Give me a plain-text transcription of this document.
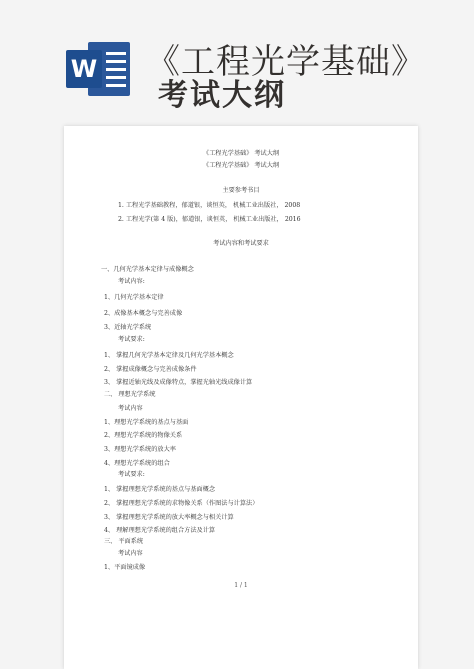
W 《工程光学基础》
考试大纲
《工程光学基础》 考试大纲
《工程光学基础》 考试大纲
主要参考书目
1. 工程光学基础教程，郁道银，谈恒英， 机械工业出版社， 2008
2. 工程光学(第 4 版)，郁道银，谈恒英， 机械工业出版社， 2016
考试内容和考试要求
一、几何光学基本定律与成像概念
考试内容:
1、几何光学基本定律
2、成像基本概念与完善成像
3、近轴光学系统
考试要求:
1、 掌握几何光学基本定律及几何光学基本概念
2、 掌握成像概念与完善成像条件
3、 掌握近轴光线及成像特点，掌握光轴光线成像计算
二、 理想光学系统
考试内容
1、理想光学系统的基点与基面
2、理想光学系统的物像关系
3、理想光学系统的放大率
4、理想光学系统的组合
考试要求:
1、 掌握理想光学系统的基点与基面概念
2、 掌握理想光学系统的求物像关系（作图法与计算法）
3、 掌握理想光学系统的放大率概念与相关计算
4、 理解理想光学系统的组合方法及计算
三、 平面系统
考试内容
1、平面镜成像
1 / 1
